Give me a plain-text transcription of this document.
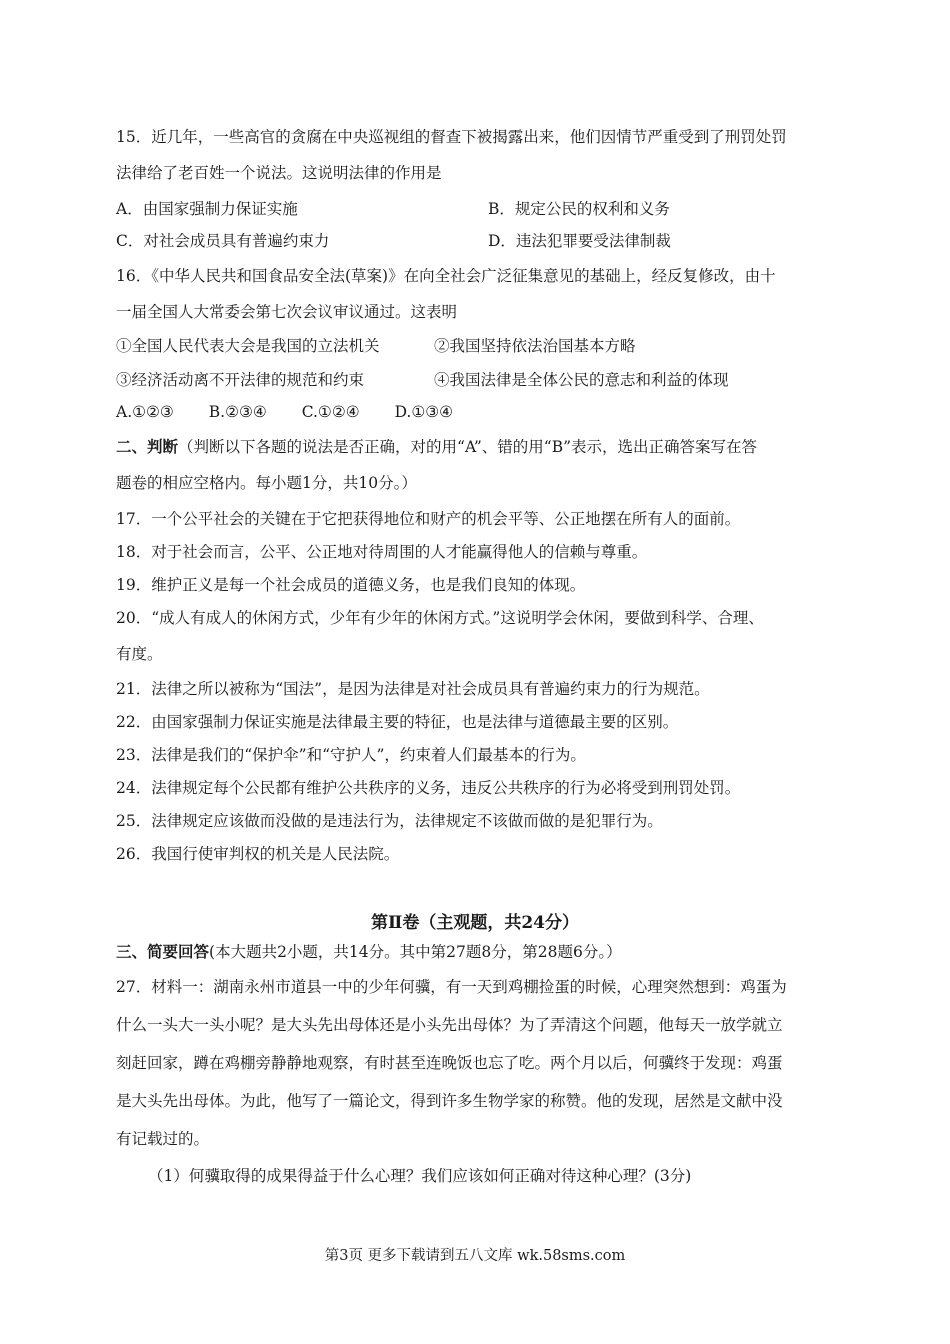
15．近几年，一些高官的贪腐在中央巡视组的督查下被揭露出来，他们因情节严重受到了刑罚处罚
法律给了老百姓一个说法。这说明法律的作用是
A．由国家强制力保证实施	B．规定公民的权利和义务
C．对社会成员具有普遍约束力	D．违法犯罪要受法律制裁
16．《中华人民共和国食品安全法(草案)》在向全社会广泛征集意见的基础上，经反复修改，由十
一届全国人大常委会第七次会议审议通过。这表明
①全国人民代表大会是我国的立法机关	②我国坚持依法治国基本方略
③经济活动离不开法律的规范和约束	④我国法律是全体公民的意志和利益的体现
A.①②③ B.②③④ C.①②④ D.①③④
二、判断（判断以下各题的说法是否正确，对的用“A”、错的用“B”表示，选出正确答案写在答
题卷的相应空格内。每小题1分，共10分。）
17．一个公平社会的关键在于它把获得地位和财产的机会平等、公正地摆在所有人的面前。
18．对于社会而言，公平、公正地对待周围的人才能赢得他人的信赖与尊重。
19．维护正义是每一个社会成员的道德义务，也是我们良知的体现。
20．“成人有成人的休闲方式，少年有少年的休闲方式。”这说明学会休闲，要做到科学、合理、
有度。
21．法律之所以被称为“国法”，是因为法律是对社会成员具有普遍约束力的行为规范。
22．由国家强制力保证实施是法律最主要的特征，也是法律与道德最主要的区别。
23．法律是我们的“保护伞”和“守护人”，约束着人们最基本的行为。
24．法律规定每个公民都有维护公共秩序的义务，违反公共秩序的行为必将受到刑罚处罚。
25．法律规定应该做而没做的是违法行为，法律规定不该做而做的是犯罪行为。
26．我国行使审判权的机关是人民法院。
第Ⅱ卷（主观题，共24分）
三、简要回答(本大题共2小题，共14分。其中第27题8分，第28题6分。）
27．材料一：湖南永州市道县一中的少年何骥，有一天到鸡棚捡蛋的时候，心理突然想到：鸡蛋为
什么一头大一头小呢？是大头先出母体还是小头先出母体？为了弄清这个问题，他每天一放学就立
刻赶回家，蹲在鸡棚旁静静地观察，有时甚至连晚饭也忘了吃。两个月以后，何骥终于发现：鸡蛋
是大头先出母体。为此，他写了一篇论文，得到许多生物学家的称赞。他的发现，居然是文献中没
有记载过的。
（1）何骥取得的成果得益于什么心理？我们应该如何正确对待这种心理？(3分)
第3页 更多下载请到五八文库 wk.58sms.com
